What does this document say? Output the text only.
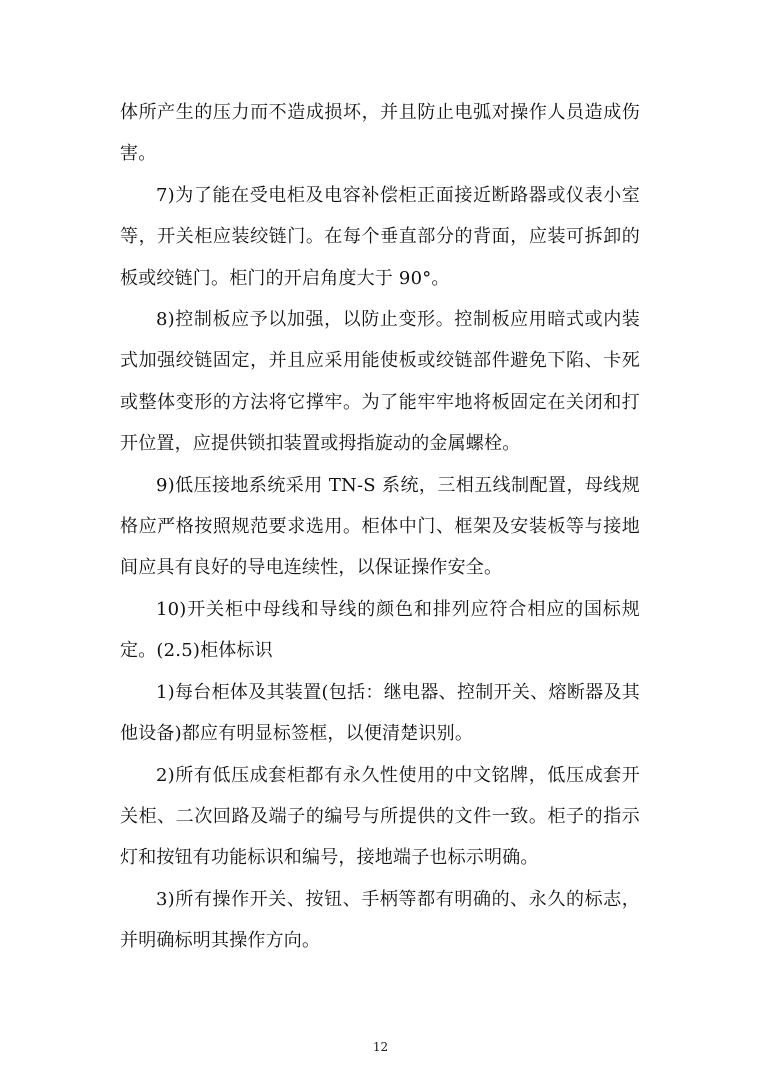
体所产生的压力而不造成损坏，并且防止电弧对操作人员造成伤害。

7)为了能在受电柜及电容补偿柜正面接近断路器或仪表小室等，开关柜应装绞链门。在每个垂直部分的背面，应装可拆卸的板或绞链门。柜门的开启角度大于 90°。

8)控制板应予以加强，以防止变形。控制板应用暗式或内装式加强绞链固定，并且应采用能使板或绞链部件避免下陷、卡死或整体变形的方法将它撑牢。为了能牢牢地将板固定在关闭和打开位置，应提供锁扣装置或拇指旋动的金属螺栓。

9)低压接地系统采用 TN-S 系统，三相五线制配置，母线规格应严格按照规范要求选用。柜体中门、框架及安装板等与接地间应具有良好的导电连续性，以保证操作安全。

10)开关柜中母线和导线的颜色和排列应符合相应的国标规定。(2.5)柜体标识

1)每台柜体及其装置(包括：继电器、控制开关、熔断器及其他设备)都应有明显标签框，以便清楚识别。

2)所有低压成套柜都有永久性使用的中文铭牌，低压成套开关柜、二次回路及端子的编号与所提供的文件一致。柜子的指示灯和按钮有功能标识和编号，接地端子也标示明确。

3)所有操作开关、按钮、手柄等都有明确的、永久的标志，并明确标明其操作方向。

12
